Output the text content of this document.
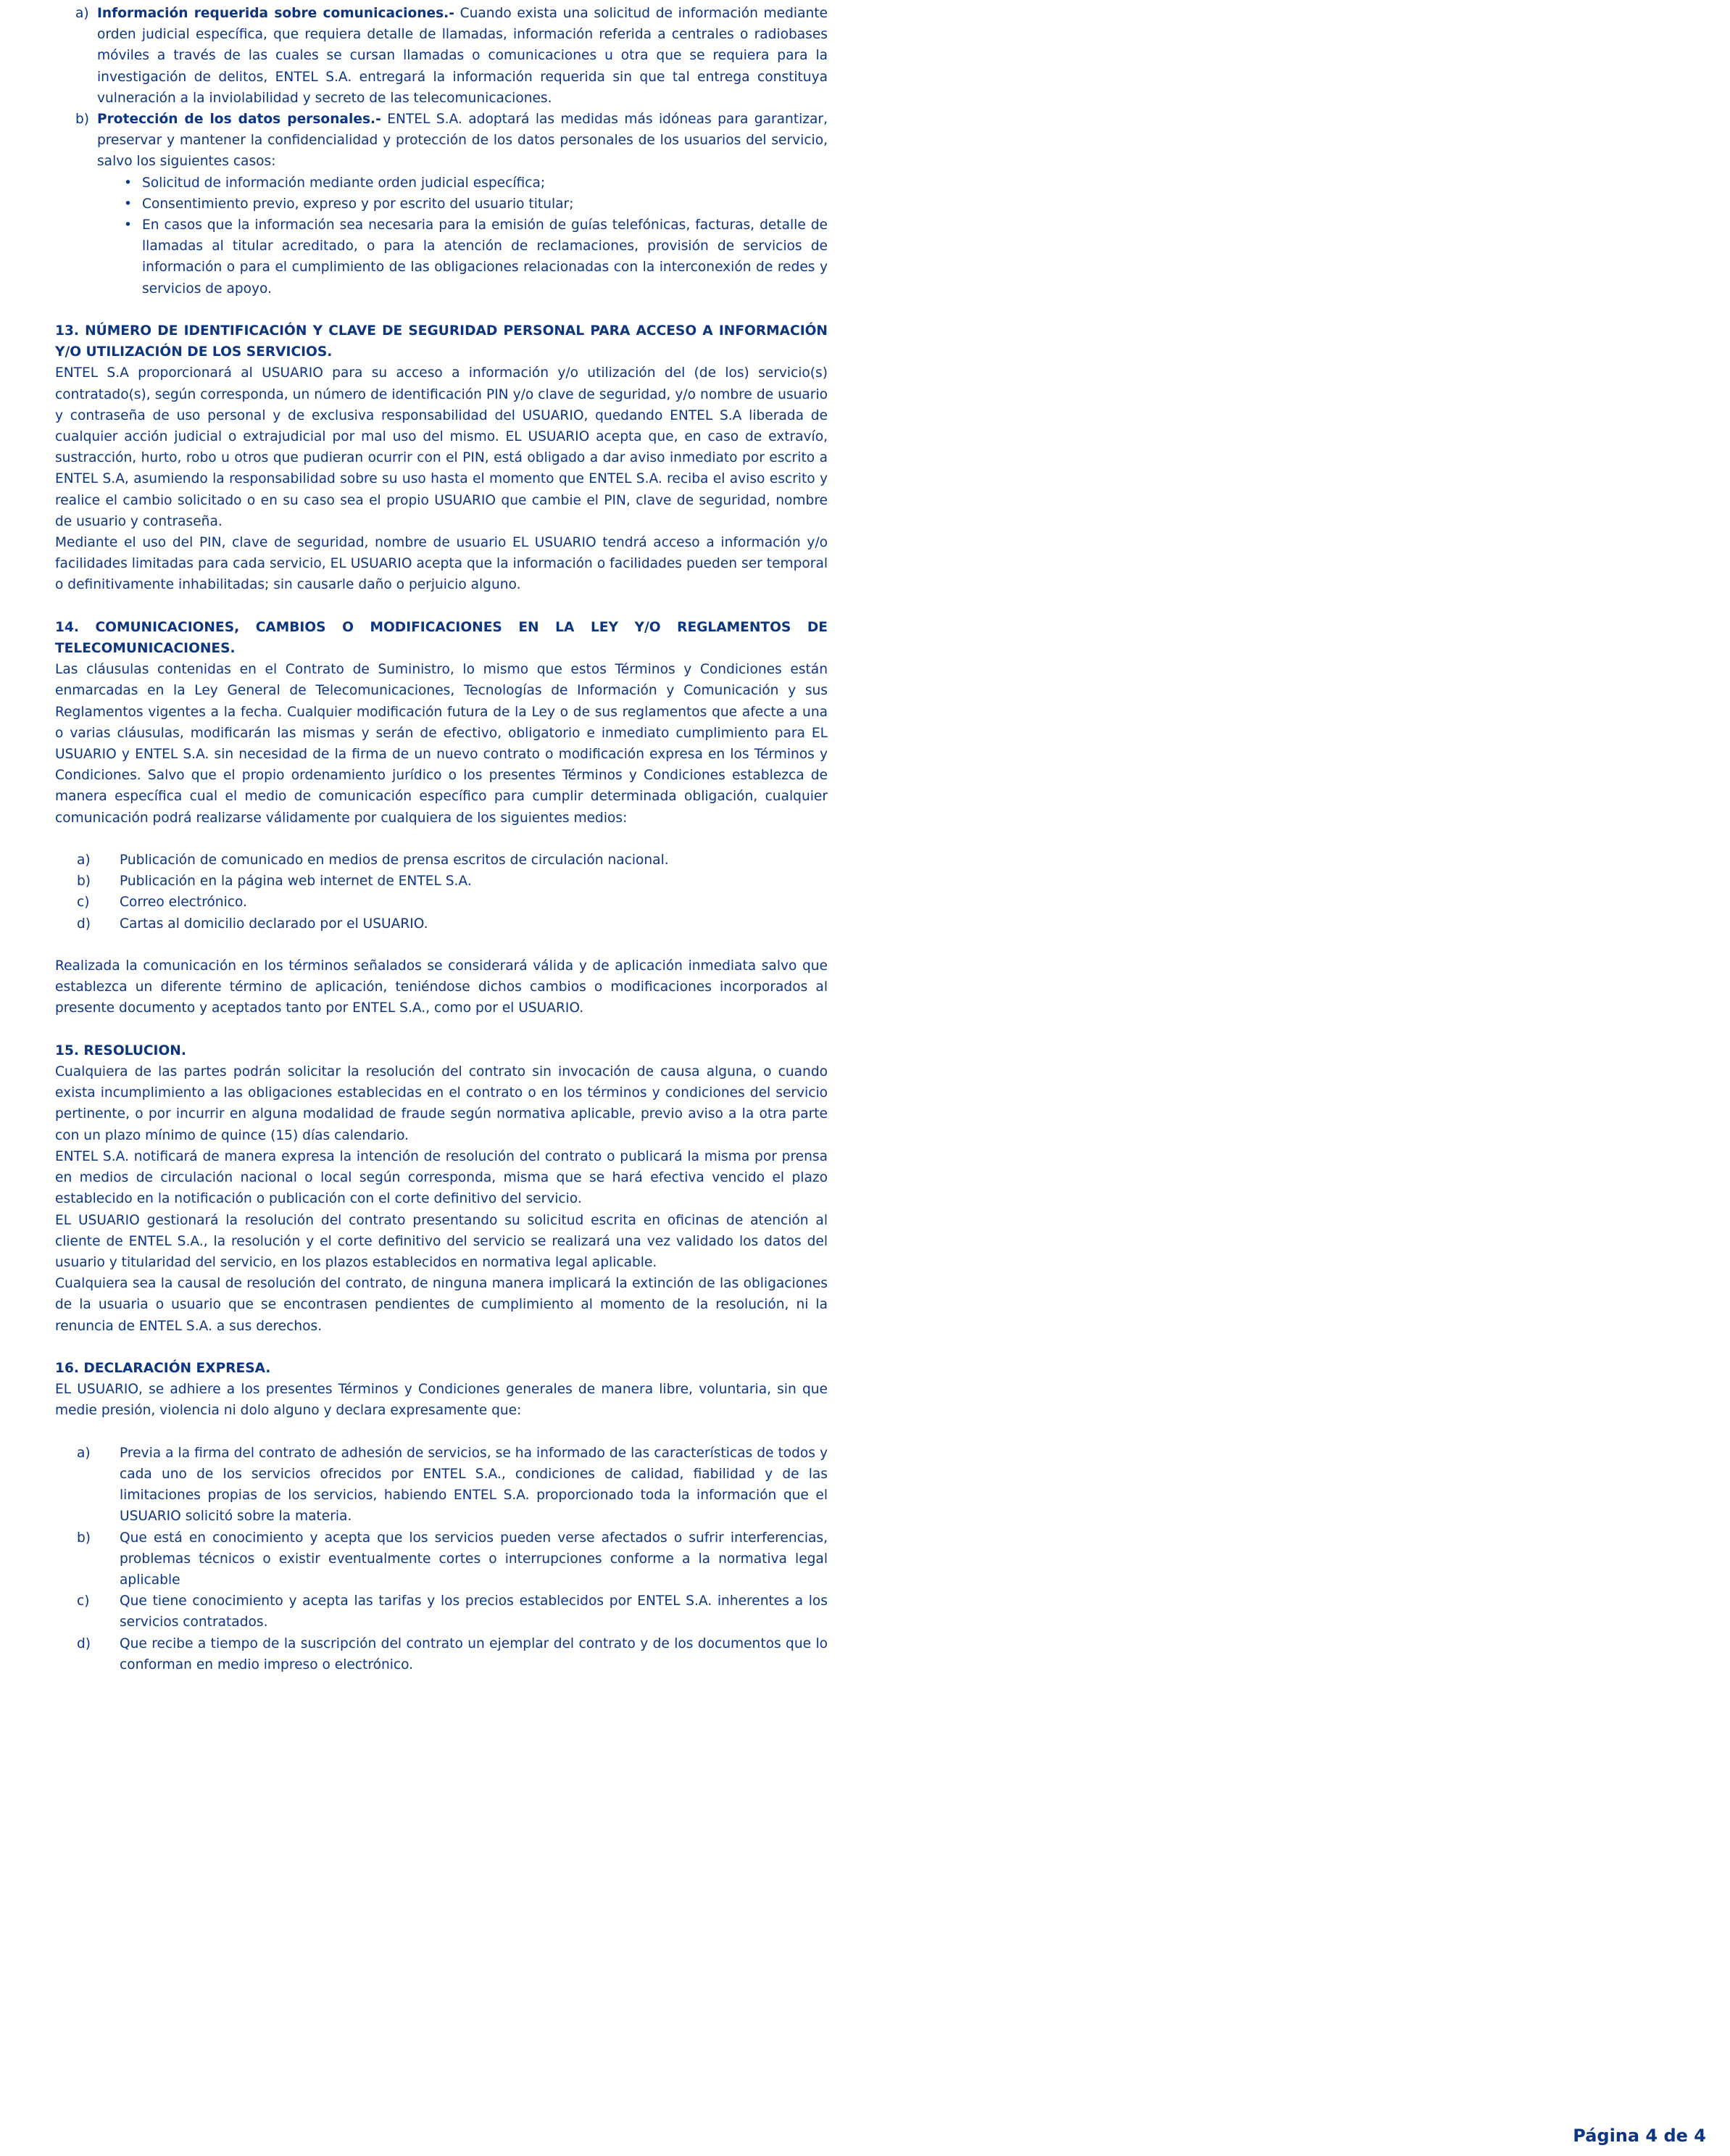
a) Información requerida sobre comunicaciones.- Cuando exista una solicitud de información mediante orden judicial específica, que requiera detalle de llamadas, información referida a centrales o radiobases móviles a través de las cuales se cursan llamadas o comunicaciones u otra que se requiera para la investigación de delitos, ENTEL S.A. entregará la información requerida sin que tal entrega constituya vulneración a la inviolabilidad y secreto de las telecomunicaciones.
b) Protección de los datos personales.- ENTEL S.A. adoptará las medidas más idóneas para garantizar, preservar y mantener la confidencialidad y protección de los datos personales de los usuarios del servicio, salvo los siguientes casos:
• Solicitud de información mediante orden judicial específica;
• Consentimiento previo, expreso y por escrito del usuario titular;
• En casos que la información sea necesaria para la emisión de guías telefónicas, facturas, detalle de llamadas al titular acreditado, o para la atención de reclamaciones, provisión de servicios de información o para el cumplimiento de las obligaciones relacionadas con la interconexión de redes y servicios de apoyo.
13. NÚMERO DE IDENTIFICACIÓN Y CLAVE DE SEGURIDAD PERSONAL PARA ACCESO A INFORMACIÓN Y/O UTILIZACIÓN DE LOS SERVICIOS.
ENTEL S.A proporcionará al USUARIO para su acceso a información y/o utilización del (de los) servicio(s) contratado(s), según corresponda, un número de identificación PIN y/o clave de seguridad, y/o nombre de usuario y contraseña de uso personal y de exclusiva responsabilidad del USUARIO, quedando ENTEL S.A liberada de cualquier acción judicial o extrajudicial por mal uso del mismo. EL USUARIO acepta que, en caso de extravío, sustracción, hurto, robo u otros que pudieran ocurrir con el PIN, está obligado a dar aviso inmediato por escrito a ENTEL S.A, asumiendo la responsabilidad sobre su uso hasta el momento que ENTEL S.A. reciba el aviso escrito y realice el cambio solicitado o en su caso sea el propio USUARIO que cambie el PIN, clave de seguridad, nombre de usuario y contraseña.
Mediante el uso del PIN, clave de seguridad, nombre de usuario EL USUARIO tendrá acceso a información y/o facilidades limitadas para cada servicio, EL USUARIO acepta que la información o facilidades pueden ser temporal o definitivamente inhabilitadas; sin causarle daño o perjuicio alguno.
14. COMUNICACIONES, CAMBIOS O MODIFICACIONES EN LA LEY Y/O REGLAMENTOS DE TELECOMUNICACIONES.
Las cláusulas contenidas en el Contrato de Suministro, lo mismo que estos Términos y Condiciones están enmarcadas en la Ley General de Telecomunicaciones, Tecnologías de Información y Comunicación y sus Reglamentos vigentes a la fecha. Cualquier modificación futura de la Ley o de sus reglamentos que afecte a una o varias cláusulas, modificarán las mismas y serán de efectivo, obligatorio e inmediato cumplimiento para EL USUARIO y ENTEL S.A. sin necesidad de la firma de un nuevo contrato o modificación expresa en los Términos y Condiciones. Salvo que el propio ordenamiento jurídico o los presentes Términos y Condiciones establezca de manera específica cual el medio de comunicación específico para cumplir determinada obligación, cualquier comunicación podrá realizarse válidamente por cualquiera de los siguientes medios:
a) Publicación de comunicado en medios de prensa escritos de circulación nacional.
b) Publicación en la página web internet de ENTEL S.A.
c) Correo electrónico.
d) Cartas al domicilio declarado por el USUARIO.
Realizada la comunicación en los términos señalados se considerará válida y de aplicación inmediata salvo que establezca un diferente término de aplicación, teniéndose dichos cambios o modificaciones incorporados al presente documento y aceptados tanto por ENTEL S.A., como por el USUARIO.
15. RESOLUCION.
Cualquiera de las partes podrán solicitar la resolución del contrato sin invocación de causa alguna, o cuando exista incumplimiento a las obligaciones establecidas en el contrato o en los términos y condiciones del servicio pertinente, o por incurrir en alguna modalidad de fraude según normativa aplicable, previo aviso a la otra parte con un plazo mínimo de quince (15) días calendario.
ENTEL S.A. notificará de manera expresa la intención de resolución del contrato o publicará la misma por prensa en medios de circulación nacional o local según corresponda, misma que se hará efectiva vencido el plazo establecido en la notificación o publicación con el corte definitivo del servicio.
EL USUARIO gestionará la resolución del contrato presentando su solicitud escrita en oficinas de atención al cliente de ENTEL S.A., la resolución y el corte definitivo del servicio se realizará una vez validado los datos del usuario y titularidad del servicio, en los plazos establecidos en normativa legal aplicable.
Cualquiera sea la causal de resolución del contrato, de ninguna manera implicará la extinción de las obligaciones de la usuaria o usuario que se encontrasen pendientes de cumplimiento al momento de la resolución, ni la renuncia de ENTEL S.A. a sus derechos.
16. DECLARACIÓN EXPRESA.
EL USUARIO, se adhiere a los presentes Términos y Condiciones generales de manera libre, voluntaria, sin que medie presión, violencia ni dolo alguno y declara expresamente que:
a) Previa a la firma del contrato de adhesión de servicios, se ha informado de las características de todos y cada uno de los servicios ofrecidos por ENTEL S.A., condiciones de calidad, fiabilidad y de las limitaciones propias de los servicios, habiendo ENTEL S.A. proporcionado toda la información que el USUARIO solicitó sobre la materia.
b) Que está en conocimiento y acepta que los servicios pueden verse afectados o sufrir interferencias, problemas técnicos o existir eventualmente cortes o interrupciones conforme a la normativa legal aplicable
c) Que tiene conocimiento y acepta las tarifas y los precios establecidos por ENTEL S.A. inherentes a los servicios contratados.
d) Que recibe a tiempo de la suscripción del contrato un ejemplar del contrato y de los documentos que lo conforman en medio impreso o electrónico.
Página 4 de 4
